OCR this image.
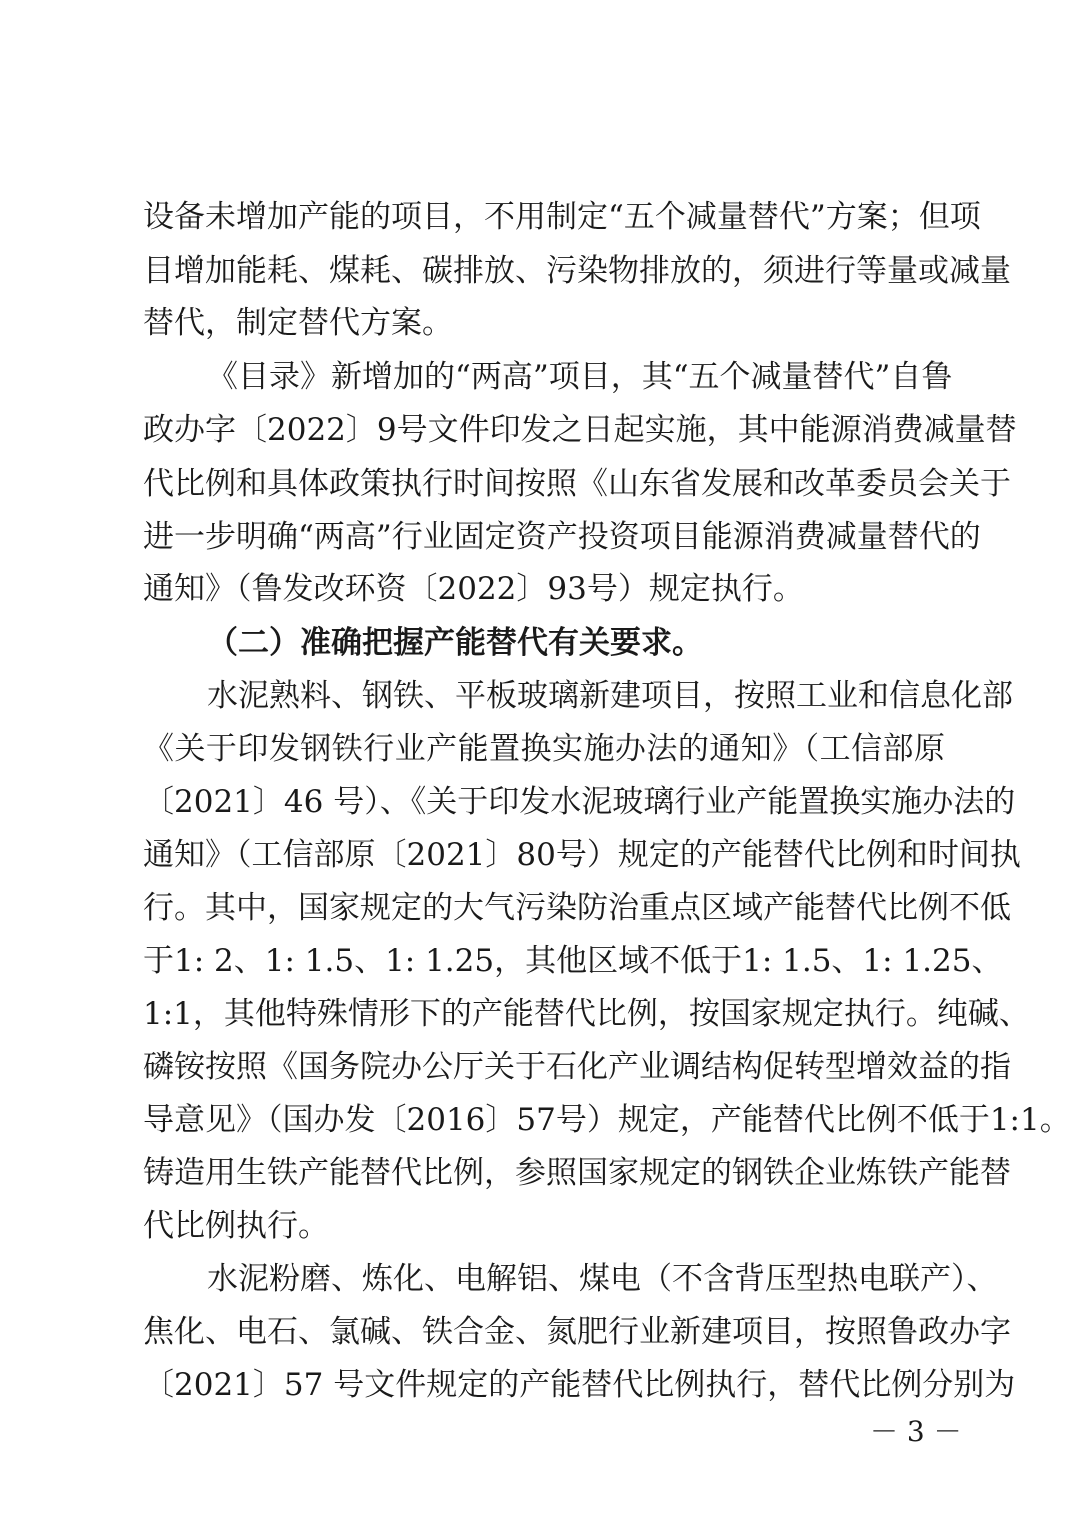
设备未增加产能的项目，不用制定“五个减量替代”方案；但项
目增加能耗、煤耗、碳排放、污染物排放的，须进行等量或减量
替代，制定替代方案。
《目录》新增加的“两高”项目，其“五个减量替代”自鲁
政办字〔2022〕9号文件印发之日起实施，其中能源消费减量替
代比例和具体政策执行时间按照《山东省发展和改革委员会关于
进一步明确“两高”行业固定资产投资项目能源消费减量替代的
通知》（鲁发改环资〔2022〕93号）规定执行。
（二）准确把握产能替代有关要求。
水泥熟料、钢铁、平板玻璃新建项目，按照工业和信息化部
《关于印发钢铁行业产能置换实施办法的通知》（工信部原
〔2021〕46 号）、《关于印发水泥玻璃行业产能置换实施办法的
通知》（工信部原〔2021〕80号）规定的产能替代比例和时间执
行。其中，国家规定的大气污染防治重点区域产能替代比例不低
于1: 2、1: 1.5、1: 1.25，其他区域不低于1: 1.5、1: 1.25、
1:1，其他特殊情形下的产能替代比例，按国家规定执行。纯碱、
磷铵按照《国务院办公厅关于石化产业调结构促转型增效益的指
导意见》（国办发〔2016〕57号）规定，产能替代比例不低于1:1。
铸造用生铁产能替代比例，参照国家规定的钢铁企业炼铁产能替
代比例执行。
水泥粉磨、炼化、电解铝、煤电（不含背压型热电联产）、
焦化、电石、氯碱、铁合金、氮肥行业新建项目，按照鲁政办字
〔2021〕57 号文件规定的产能替代比例执行，替代比例分别为
－ 3 －
